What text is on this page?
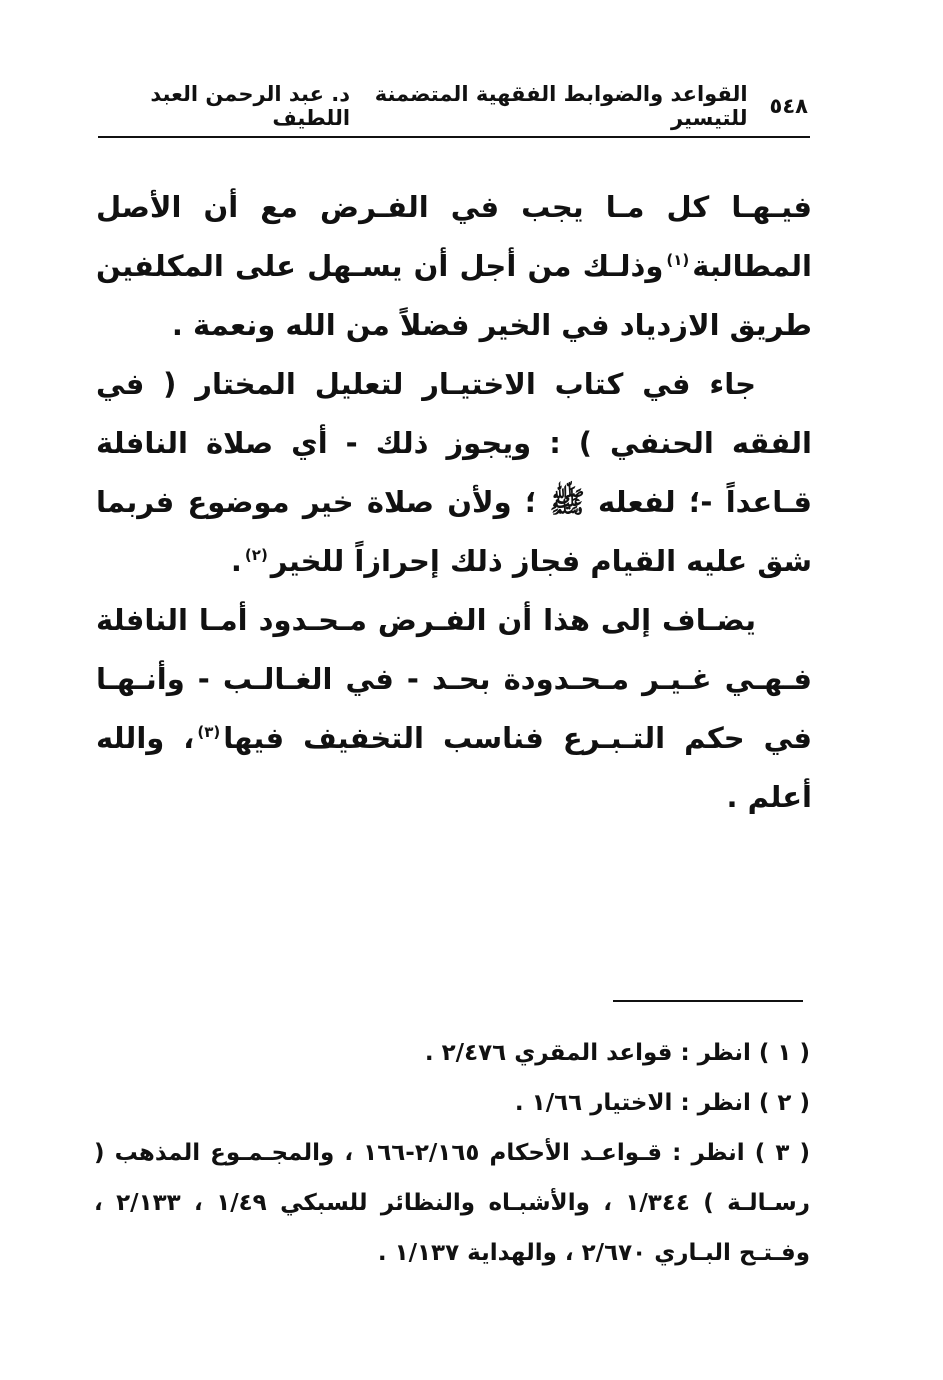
٥٤٨
القواعد والضوابط الفقهية المتضمنة للتيسير
د. عبد الرحمن العبد اللطيف

فيـهـا كل مـا يجب في الفـرض مع أن الأصل المطالبة$^{(١)}$وذلـك من أجل أن يسـهل على المكلفين طريق الازدياد في الخير فضلاً من الله ونعمة .

جاء في كتاب الاختيـار لتعليل المختار ( في الفقه الحنفي ) : ويجوز ذلك - أي صلاة النافلة قـاعداً -؛ لفعله ﷺ ؛ ولأن صلاة خير موضوع فربما شق عليه القيام فجاز ذلك إحرازاً للخير$^{(٢)}$.

يضـاف إلى هذا أن الفـرض مـحـدود أمـا النافلة فـهـي غـيـر مـحـدودة بحـد - في الغـالـب - وأنـهـا في حكم التـبـرع فناسب التخفيف فيها$^{(٣)}$، والله أعلم .

( ١ ) انظر : قواعد المقري ٢/٤٧٦ .

( ٢ ) انظر : الاختيار ١/٦٦ .

( ٣ ) انظر : قـواعـد الأحكام ٢/١٦٥-١٦٦ ، والمجـمـوع المذهب ( رسـالـة ) ١/٣٤٤ ، والأشبـاه والنظائر للسبكي ١/٤٩ ، ٢/١٣٣ ، وفـتـح البـاري ٢/٦٧٠ ، والهداية ١/١٣٧ .
